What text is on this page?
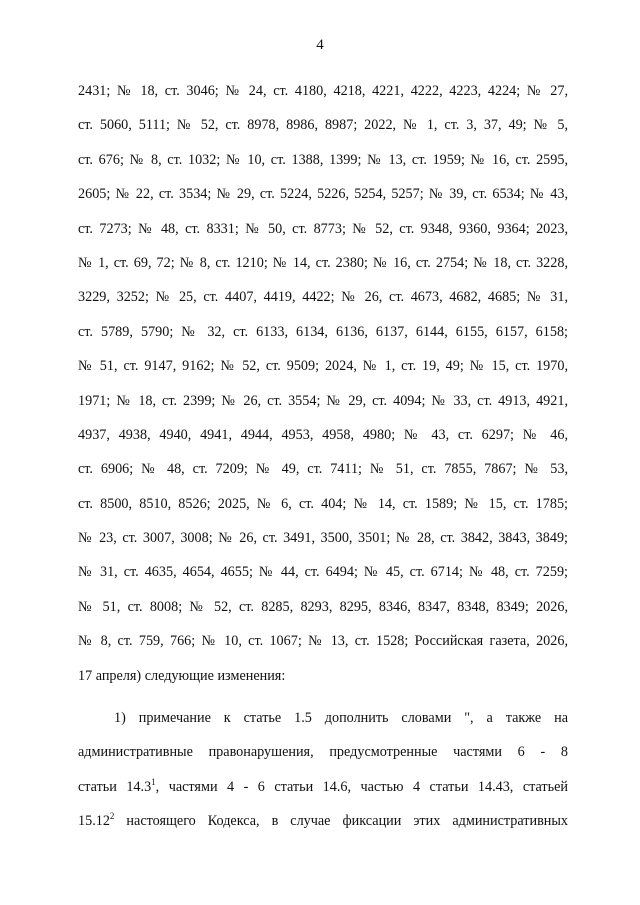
4
2431; № 18, ст. 3046; № 24, ст. 4180, 4218, 4221, 4222, 4223, 4224; № 27,
ст. 5060, 5111; № 52, ст. 8978, 8986, 8987; 2022, № 1, ст. 3, 37, 49; № 5,
ст. 676; № 8, ст. 1032; № 10, ст. 1388, 1399; № 13, ст. 1959; № 16, ст. 2595,
2605; № 22, ст. 3534; № 29, ст. 5224, 5226, 5254, 5257; № 39, ст. 6534; № 43,
ст. 7273; № 48, ст. 8331; № 50, ст. 8773; № 52, ст. 9348, 9360, 9364; 2023,
№ 1, ст. 69, 72; № 8, ст. 1210; № 14, ст. 2380; № 16, ст. 2754; № 18, ст. 3228,
3229, 3252; № 25, ст. 4407, 4419, 4422; № 26, ст. 4673, 4682, 4685; № 31,
ст. 5789, 5790; № 32, ст. 6133, 6134, 6136, 6137, 6144, 6155, 6157, 6158;
№ 51, ст. 9147, 9162; № 52, ст. 9509; 2024, № 1, ст. 19, 49; № 15, ст. 1970,
1971; № 18, ст. 2399; № 26, ст. 3554; № 29, ст. 4094; № 33, ст. 4913, 4921,
4937, 4938, 4940, 4941, 4944, 4953, 4958, 4980; № 43, ст. 6297; № 46,
ст. 6906; № 48, ст. 7209; № 49, ст. 7411; № 51, ст. 7855, 7867; № 53,
ст. 8500, 8510, 8526; 2025, № 6, ст. 404; № 14, ст. 1589; № 15, ст. 1785;
№ 23, ст. 3007, 3008; № 26, ст. 3491, 3500, 3501; № 28, ст. 3842, 3843, 3849;
№ 31, ст. 4635, 4654, 4655; № 44, ст. 6494; № 45, ст. 6714; № 48, ст. 7259;
№ 51, ст. 8008; № 52, ст. 8285, 8293, 8295, 8346, 8347, 8348, 8349; 2026,
№ 8, ст. 759, 766; № 10, ст. 1067; № 13, ст. 1528; Российская газета, 2026,
17 апреля) следующие изменения:
1) примечание к статье 1.5 дополнить словами ", а также на
административные правонарушения, предусмотренные частями 6 - 8
статьи 14.3$^1$, частями 4 - 6 статьи 14.6, частью 4 статьи 14.43, статьей
15.12$^2$ настоящего Кодекса, в случае фиксации этих административных
